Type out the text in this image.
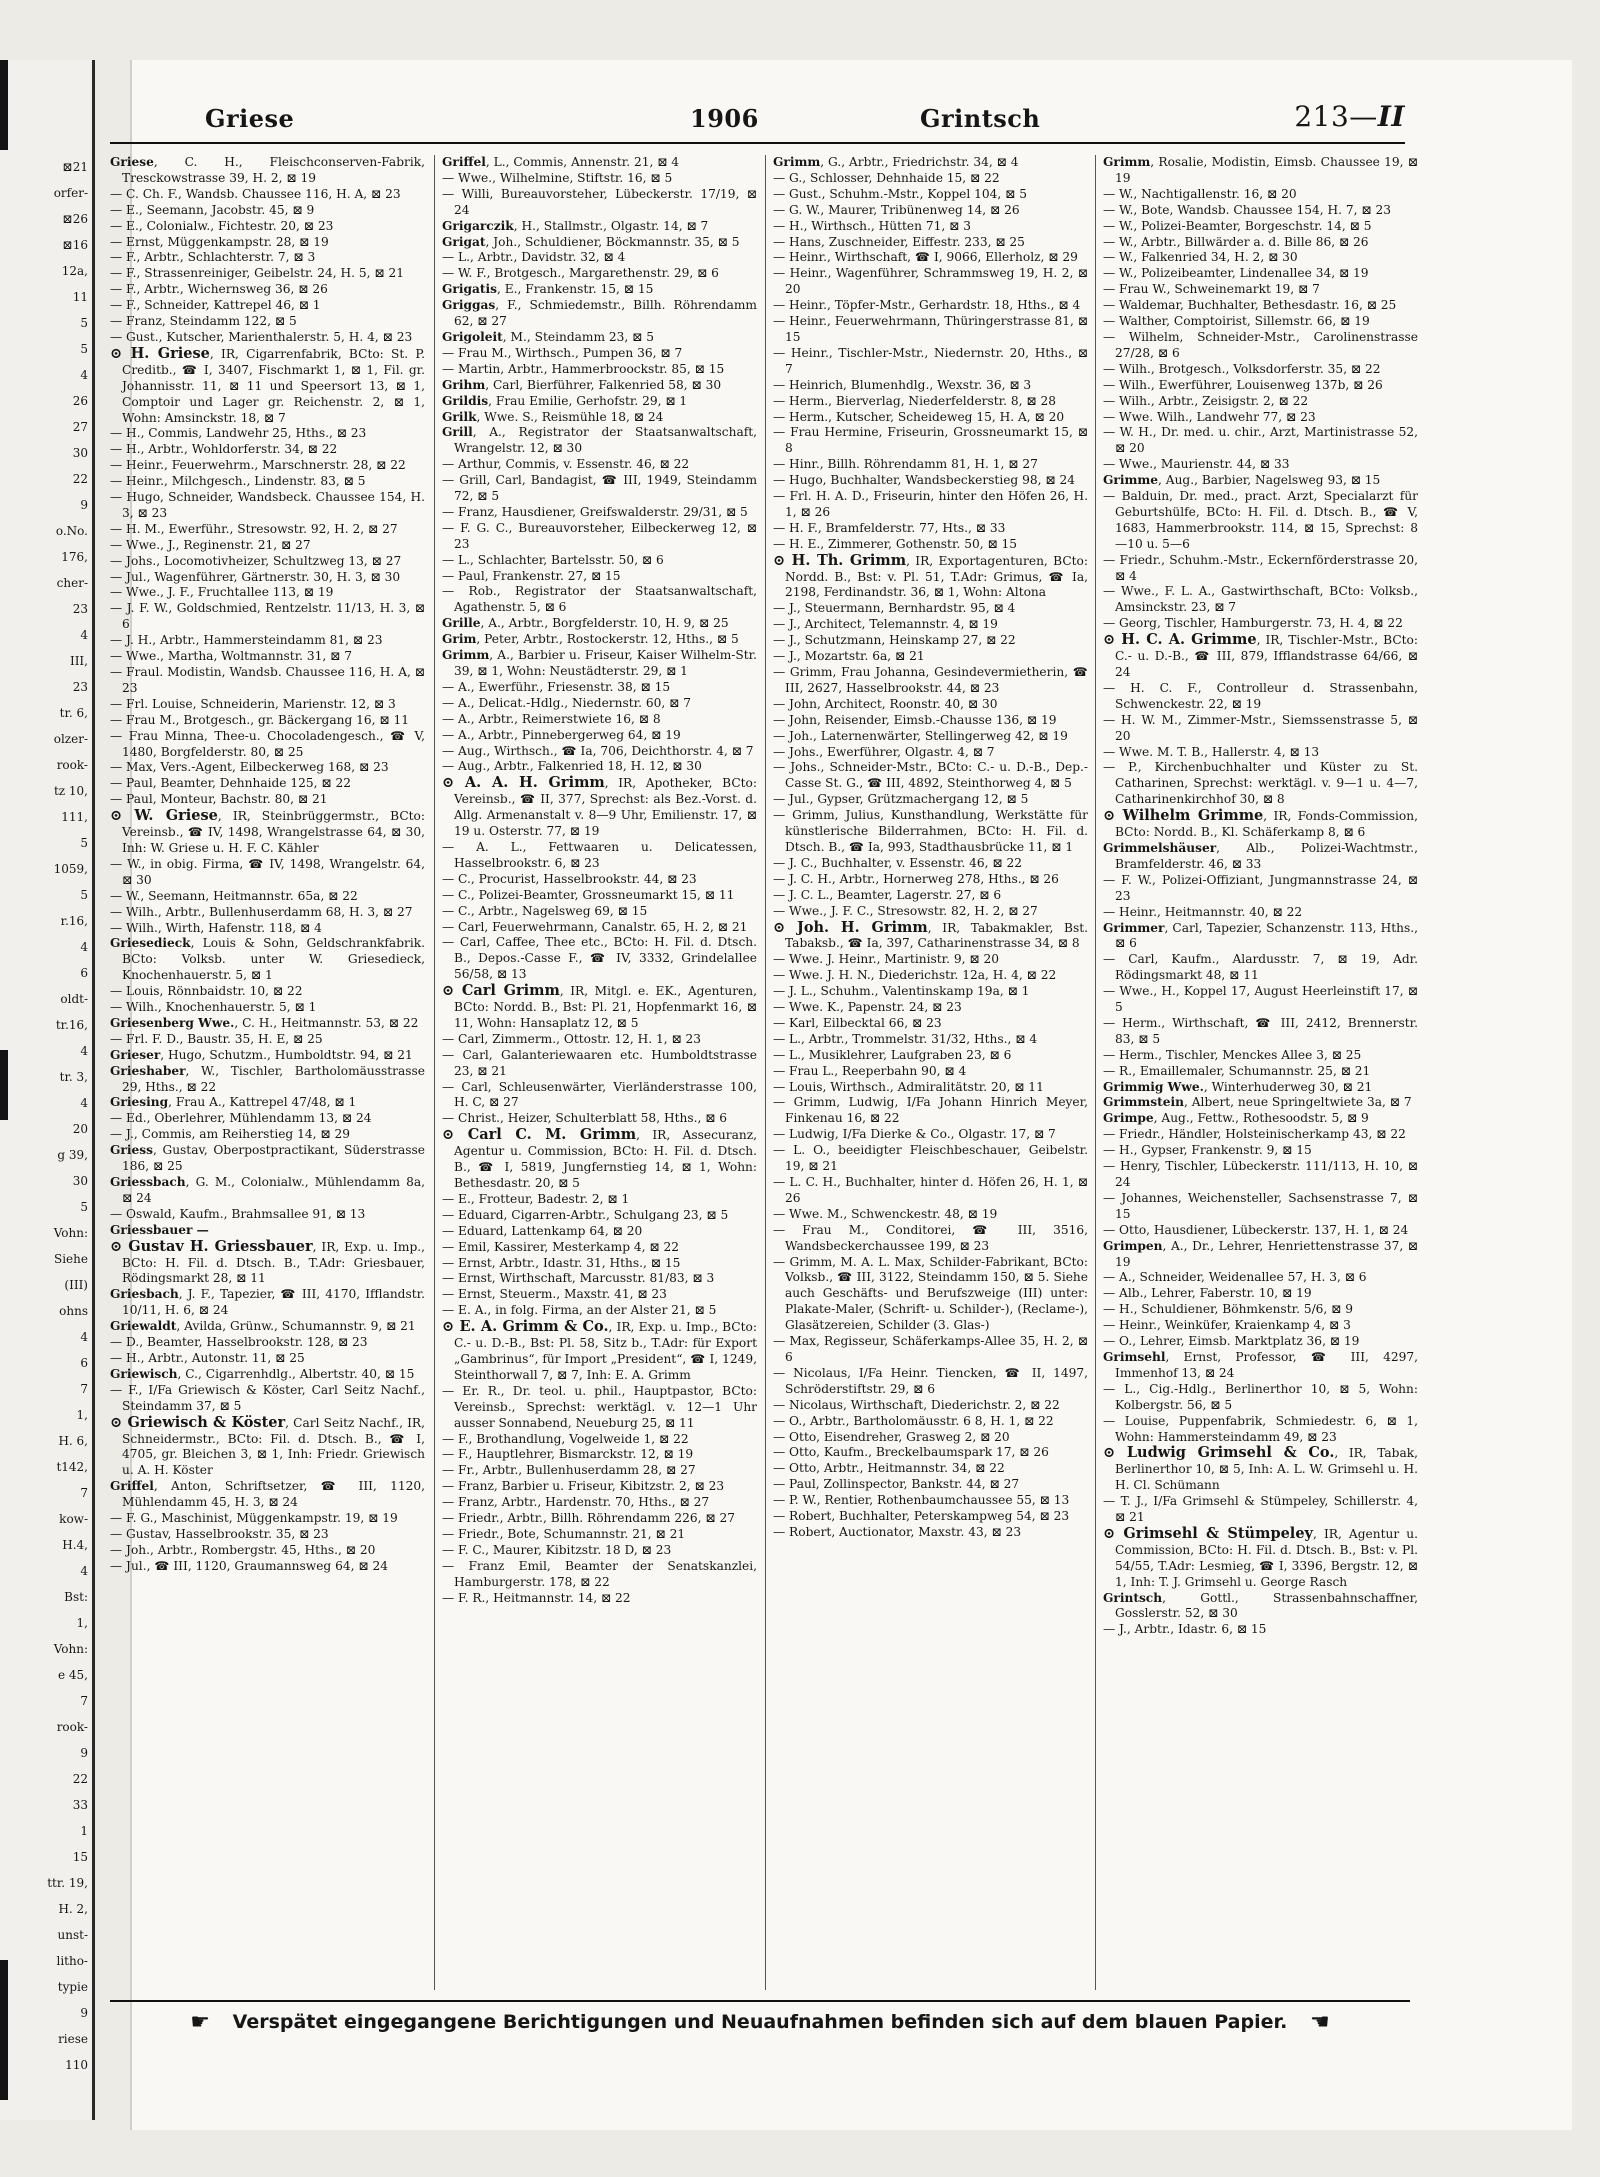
⊠21
orfer-
⊠26
⊠16
12a,
11
5
5
4
26
27
30
22
9
o.No.
176,
cher-
23
4
III,
23
tr. 6,
olzer-
rook-
tz 10,
111,
5
1059,
5
r.16,
4
6
oldt-
tr.16,
4
tr. 3,
4
20
g 39,
30
5
Vohn:
Siehe
(III)
ohns
4
6
7
1,
H. 6,
t142,
7
kow-
H.4,
4
Bst:
1,
Vohn:
e 45,
7
rook-
9
22
33
1
15
ttr. 19,
H. 2,
unst-
litho-
typie
9
riese
110
Griese	1906	Grintsch	213—II

Griese, C. H., Fleischconserven-Fabrik, Tresckowstrasse 39, H. 2, ⊠ 19

— C. Ch. F., Wandsb. Chaussee 116, H. A, ⊠ 23

— E., Seemann, Jacobstr. 45, ⊠ 9

— E., Colonialw., Fichtestr. 20, ⊠ 23

— Ernst, Müggenkampstr. 28, ⊠ 19

— F., Arbtr., Schlachterstr. 7, ⊠ 3

— F., Strassenreiniger, Geibelstr. 24, H. 5, ⊠ 21

— F., Arbtr., Wichernsweg 36, ⊠ 26

— F., Schneider, Kattrepel 46, ⊠ 1

— Franz, Steindamm 122, ⊠ 5

— Gust., Kutscher, Marienthalerstr. 5, H. 4, ⊠ 23

⊙ H. Griese, IR, Cigarrenfabrik, BCto: St. P. Creditb., ☎ I, 3407, Fischmarkt 1, ⊠ 1, Fil. gr. Johannisstr. 11, ⊠ 11 und Speersort 13, ⊠ 1, Comptoir und Lager gr. Reichenstr. 2, ⊠ 1, Wohn: Amsinckstr. 18, ⊠ 7

— H., Commis, Landwehr 25, Hths., ⊠ 23

— H., Arbtr., Wohldorferstr. 34, ⊠ 22

— Heinr., Feuerwehrm., Marschnerstr. 28, ⊠ 22

— Heinr., Milchgesch., Lindenstr. 83, ⊠ 5

— Hugo, Schneider, Wandsbeck. Chaussee 154, H. 3, ⊠ 23

— H. M., Ewerführ., Stresowstr. 92, H. 2, ⊠ 27

— Wwe., J., Reginenstr. 21, ⊠ 27

— Johs., Locomotivheizer, Schultzweg 13, ⊠ 27

— Jul., Wagenführer, Gärtnerstr. 30, H. 3, ⊠ 30

— Wwe., J. F., Fruchtallee 113, ⊠ 19

— J. F. W., Goldschmied, Rentzelstr. 11/13, H. 3, ⊠ 6

— J. H., Arbtr., Hammersteindamm 81, ⊠ 23

— Wwe., Martha, Woltmannstr. 31, ⊠ 7

— Fraul. Modistin, Wandsb. Chaussee 116, H. A, ⊠ 23

— Frl. Louise, Schneiderin, Marienstr. 12, ⊠ 3

— Frau M., Brotgesch., gr. Bäckergang 16, ⊠ 11

— Frau Minna, Thee-u. Chocoladengesch., ☎ V, 1480, Borgfelderstr. 80, ⊠ 25

— Max, Vers.-Agent, Eilbeckerweg 168, ⊠ 23

— Paul, Beamter, Dehnhaide 125, ⊠ 22

— Paul, Monteur, Bachstr. 80, ⊠ 21

⊙ W. Griese, IR, Steinbrüggermstr., BCto: Vereinsb., ☎ IV, 1498, Wrangelstrasse 64, ⊠ 30, Inh: W. Griese u. H. F. C. Kähler

— W., in obig. Firma, ☎ IV, 1498, Wrangelstr. 64, ⊠ 30

— W., Seemann, Heitmannstr. 65a, ⊠ 22

— Wilh., Arbtr., Bullenhuserdamm 68, H. 3, ⊠ 27

— Wilh., Wirth, Hafenstr. 118, ⊠ 4

Griesedieck, Louis & Sohn, Geldschrankfabrik. BCto: Volksb. unter W. Griesedieck, Knochenhauerstr. 5, ⊠ 1

— Louis, Rönnbaidstr. 10, ⊠ 22

— Wilh., Knochenhauerstr. 5, ⊠ 1

Griesenberg Wwe., C. H., Heitmannstr. 53, ⊠ 22

— Frl. F. D., Baustr. 35, H. E, ⊠ 25

Grieser, Hugo, Schutzm., Humboldtstr. 94, ⊠ 21

Grieshaber, W., Tischler, Bartholomäusstrasse 29, Hths., ⊠ 22

Griesing, Frau A., Kattrepel 47/48, ⊠ 1

— Ed., Oberlehrer, Mühlendamm 13, ⊠ 24

— J., Commis, am Reiherstieg 14, ⊠ 29

Griess, Gustav, Oberpostpractikant, Süderstrasse 186, ⊠ 25

Griessbach, G. M., Colonialw., Mühlendamm 8a, ⊠ 24

— Oswald, Kaufm., Brahmsallee 91, ⊠ 13

Griessbauer —

⊙ Gustav H. Griessbauer, IR, Exp. u. Imp., BCto: H. Fil. d. Dtsch. B., T.Adr: Griesbauer, Rödingsmarkt 28, ⊠ 11

Griesbach, J. F., Tapezier, ☎ III, 4170, Ifflandstr. 10/11, H. 6, ⊠ 24

Griewaldt, Avilda, Grünw., Schumannstr. 9, ⊠ 21

— D., Beamter, Hasselbrookstr. 128, ⊠ 23

— H., Arbtr., Autonstr. 11, ⊠ 25

Griewisch, C., Cigarrenhdlg., Albertstr. 40, ⊠ 15

— F., I/Fa Griewisch & Köster, Carl Seitz Nachf., Steindamm 37, ⊠ 5

⊙ Griewisch & Köster, Carl Seitz Nachf., IR, Schneidermstr., BCto: Fil. d. Dtsch. B., ☎ I, 4705, gr. Bleichen 3, ⊠ 1, Inh: Friedr. Griewisch u. A. H. Köster

Griffel, Anton, Schriftsetzer, ☎ III, 1120, Mühlendamm 45, H. 3, ⊠ 24

— F. G., Maschinist, Müggenkampstr. 19, ⊠ 19

— Gustav, Hasselbrookstr. 35, ⊠ 23

— Joh., Arbtr., Rombergstr. 45, Hths., ⊠ 20

— Jul., ☎ III, 1120, Graumannsweg 64, ⊠ 24

Griffel, L., Commis, Annenstr. 21, ⊠ 4

— Wwe., Wilhelmine, Stiftstr. 16, ⊠ 5

— Willi, Bureauvorsteher, Lübeckerstr. 17/19, ⊠ 24

Grigarczik, H., Stallmstr., Olgastr. 14, ⊠ 7

Grigat, Joh., Schuldiener, Böckmannstr. 35, ⊠ 5

— L., Arbtr., Davidstr. 32, ⊠ 4

— W. F., Brotgesch., Margarethenstr. 29, ⊠ 6

Grigatis, E., Frankenstr. 15, ⊠ 15

Griggas, F., Schmiedemstr., Billh. Röhrendamm 62, ⊠ 27

Grigoleit, M., Steindamm 23, ⊠ 5

— Frau M., Wirthsch., Pumpen 36, ⊠ 7

— Martin, Arbtr., Hammerbroockstr. 85, ⊠ 15

Grihm, Carl, Bierführer, Falkenried 58, ⊠ 30

Grildis, Frau Emilie, Gerhofstr. 29, ⊠ 1

Grilk, Wwe. S., Reismühle 18, ⊠ 24

Grill, A., Registrator der Staatsanwaltschaft, Wrangelstr. 12, ⊠ 30

— Arthur, Commis, v. Essenstr. 46, ⊠ 22

— Grill, Carl, Bandagist, ☎ III, 1949, Steindamm 72, ⊠ 5

— Franz, Hausdiener, Greifswalderstr. 29/31, ⊠ 5

— F. G. C., Bureauvorsteher, Eilbeckerweg 12, ⊠ 23

— L., Schlachter, Bartelsstr. 50, ⊠ 6

— Paul, Frankenstr. 27, ⊠ 15

— Rob., Registrator der Staatsanwaltschaft, Agathenstr. 5, ⊠ 6

Grille, A., Arbtr., Borgfelderstr. 10, H. 9, ⊠ 25

Grim, Peter, Arbtr., Rostockerstr. 12, Hths., ⊠ 5

Grimm, A., Barbier u. Friseur, Kaiser Wilhelm-Str. 39, ⊠ 1, Wohn: Neustädterstr. 29, ⊠ 1

— A., Ewerführ., Friesenstr. 38, ⊠ 15

— A., Delicat.-Hdlg., Niedernstr. 60, ⊠ 7

— A., Arbtr., Reimerstwiete 16, ⊠ 8

— A., Arbtr., Pinnebergerweg 64, ⊠ 19

— Aug., Wirthsch., ☎ Ia, 706, Deichthorstr. 4, ⊠ 7

— Aug., Arbtr., Falkenried 18, H. 12, ⊠ 30

⊙ A. A. H. Grimm, IR, Apotheker, BCto: Vereinsb., ☎ II, 377, Sprechst: als Bez.-Vorst. d. Allg. Armenanstalt v. 8—9 Uhr, Emilienstr. 17, ⊠ 19 u. Osterstr. 77, ⊠ 19

— A. L., Fettwaaren u. Delicatessen, Hasselbrookstr. 6, ⊠ 23

— C., Procurist, Hasselbrookstr. 44, ⊠ 23

— C., Polizei-Beamter, Grossneumarkt 15, ⊠ 11

— C., Arbtr., Nagelsweg 69, ⊠ 15

— Carl, Feuerwehrmann, Canalstr. 65, H. 2, ⊠ 21

— Carl, Caffee, Thee etc., BCto: H. Fil. d. Dtsch. B., Depos.-Casse F., ☎ IV, 3332, Grindelallee 56/58, ⊠ 13

⊙ Carl Grimm, IR, Mitgl. e. EK., Agenturen, BCto: Nordd. B., Bst: Pl. 21, Hopfenmarkt 16, ⊠ 11, Wohn: Hansaplatz 12, ⊠ 5

— Carl, Zimmerm., Ottostr. 12, H. 1, ⊠ 23

— Carl, Galanteriewaaren etc. Humboldtstrasse 23, ⊠ 21

— Carl, Schleusenwärter, Vierländerstrasse 100, H. C, ⊠ 27

— Christ., Heizer, Schulterblatt 58, Hths., ⊠ 6

⊙ Carl C. M. Grimm, IR, Assecuranz, Agentur u. Commission, BCto: H. Fil. d. Dtsch. B., ☎ I, 5819, Jungfernstieg 14, ⊠ 1, Wohn: Bethesdastr. 20, ⊠ 5

— E., Frotteur, Badestr. 2, ⊠ 1

— Eduard, Cigarren-Arbtr., Schulgang 23, ⊠ 5

— Eduard, Lattenkamp 64, ⊠ 20

— Emil, Kassirer, Mesterkamp 4, ⊠ 22

— Ernst, Arbtr., Idastr. 31, Hths., ⊠ 15

— Ernst, Wirthschaft, Marcusstr. 81/83, ⊠ 3

— Ernst, Steuerm., Maxstr. 41, ⊠ 23

— E. A., in folg. Firma, an der Alster 21, ⊠ 5

⊙ E. A. Grimm & Co., IR, Exp. u. Imp., BCto: C.- u. D.-B., Bst: Pl. 58, Sitz b., T.Adr: für Export „Gambrinus“, für Import „President“, ☎ I, 1249, Steinthorwall 7, ⊠ 7, Inh: E. A. Grimm

— Er. R., Dr. teol. u. phil., Hauptpastor, BCto: Vereinsb., Sprechst: werktägl. v. 12—1 Uhr ausser Sonnabend, Neueburg 25, ⊠ 11

— F., Brothandlung, Vogelweide 1, ⊠ 22

— F., Hauptlehrer, Bismarckstr. 12, ⊠ 19

— Fr., Arbtr., Bullenhuserdamm 28, ⊠ 27

— Franz, Barbier u. Friseur, Kibitzstr. 2, ⊠ 23

— Franz, Arbtr., Hardenstr. 70, Hths., ⊠ 27

— Friedr., Arbtr., Billh. Röhrendamm 226, ⊠ 27

— Friedr., Bote, Schumannstr. 21, ⊠ 21

— F. C., Maurer, Kibitzstr. 18 D, ⊠ 23

— Franz Emil, Beamter der Senatskanzlei, Hamburgerstr. 178, ⊠ 22

— F. R., Heitmannstr. 14, ⊠ 22

Grimm, G., Arbtr., Friedrichstr. 34, ⊠ 4

— G., Schlosser, Dehnhaide 15, ⊠ 22

— Gust., Schuhm.-Mstr., Koppel 104, ⊠ 5

— G. W., Maurer, Tribünenweg 14, ⊠ 26

— H., Wirthsch., Hütten 71, ⊠ 3

— Hans, Zuschneider, Eiffestr. 233, ⊠ 25

— Heinr., Wirthschaft, ☎ I, 9066, Ellerholz, ⊠ 29

— Heinr., Wagenführer, Schrammsweg 19, H. 2, ⊠ 20

— Heinr., Töpfer-Mstr., Gerhardstr. 18, Hths., ⊠ 4

— Heinr., Feuerwehrmann, Thüringerstrasse 81, ⊠ 15

— Heinr., Tischler-Mstr., Niedernstr. 20, Hths., ⊠ 7

— Heinrich, Blumenhdlg., Wexstr. 36, ⊠ 3

— Herm., Bierverlag, Niederfelderstr. 8, ⊠ 28

— Herm., Kutscher, Scheideweg 15, H. A, ⊠ 20

— Frau Hermine, Friseurin, Grossneumarkt 15, ⊠ 8

— Hinr., Billh. Röhrendamm 81, H. 1, ⊠ 27

— Hugo, Buchhalter, Wandsbeckerstieg 98, ⊠ 24

— Frl. H. A. D., Friseurin, hinter den Höfen 26, H. 1, ⊠ 26

— H. F., Bramfelderstr. 77, Hts., ⊠ 33

— H. E., Zimmerer, Gothenstr. 50, ⊠ 15

⊙ H. Th. Grimm, IR, Exportagenturen, BCto: Nordd. B., Bst: v. Pl. 51, T.Adr: Grimus, ☎ Ia, 2198, Ferdinandstr. 36, ⊠ 1, Wohn: Altona

— J., Steuermann, Bernhardstr. 95, ⊠ 4

— J., Architect, Telemannstr. 4, ⊠ 19

— J., Schutzmann, Heinskamp 27, ⊠ 22

— J., Mozartstr. 6a, ⊠ 21

— Grimm, Frau Johanna, Gesindevermietherin, ☎ III, 2627, Hasselbrookstr. 44, ⊠ 23

— John, Architect, Roonstr. 40, ⊠ 30

— John, Reisender, Eimsb.-Chausse 136, ⊠ 19

— Joh., Laternenwärter, Stellingerweg 42, ⊠ 19

— Johs., Ewerführer, Olgastr. 4, ⊠ 7

— Johs., Schneider-Mstr., BCto: C.- u. D.-B., Dep.-Casse St. G., ☎ III, 4892, Steinthorweg 4, ⊠ 5

— Jul., Gypser, Grützmachergang 12, ⊠ 5

— Grimm, Julius, Kunsthandlung, Werkstätte für künstlerische Bilderrahmen, BCto: H. Fil. d. Dtsch. B., ☎ Ia, 993, Stadthausbrücke 11, ⊠ 1

— J. C., Buchhalter, v. Essenstr. 46, ⊠ 22

— J. C. H., Arbtr., Hornerweg 278, Hths., ⊠ 26

— J. C. L., Beamter, Lagerstr. 27, ⊠ 6

— Wwe., J. F. C., Stresowstr. 82, H. 2, ⊠ 27

⊙ Joh. H. Grimm, IR, Tabakmakler, Bst. Tabaksb., ☎ Ia, 397, Catharinenstrasse 34, ⊠ 8

— Wwe. J. Heinr., Martinistr. 9, ⊠ 20

— Wwe. J. H. N., Diederichstr. 12a, H. 4, ⊠ 22

— J. L., Schuhm., Valentinskamp 19a, ⊠ 1

— Wwe. K., Papenstr. 24, ⊠ 23

— Karl, Eilbecktal 66, ⊠ 23

— L., Arbtr., Trommelstr. 31/32, Hths., ⊠ 4

— L., Musiklehrer, Laufgraben 23, ⊠ 6

— Frau L., Reeperbahn 90, ⊠ 4

— Louis, Wirthsch., Admiralitätstr. 20, ⊠ 11

— Grimm, Ludwig, I/Fa Johann Hinrich Meyer, Finkenau 16, ⊠ 22

— Ludwig, I/Fa Dierke & Co., Olgastr. 17, ⊠ 7

— L. O., beeidigter Fleischbeschauer, Geibelstr. 19, ⊠ 21

— L. C. H., Buchhalter, hinter d. Höfen 26, H. 1, ⊠ 26

— Wwe. M., Schwenckestr. 48, ⊠ 19

— Frau M., Conditorei, ☎ III, 3516, Wandsbeckerchaussee 199, ⊠ 23

— Grimm, M. A. L. Max, Schilder-Fabrikant, BCto: Volksb., ☎ III, 3122, Steindamm 150, ⊠ 5. Siehe auch Geschäfts- und Berufszweige (III) unter: Plakate-Maler, (Schrift- u. Schilder-), (Reclame-), Glasätzereien, Schilder (3. Glas-)

— Max, Regisseur, Schäferkamps-Allee 35, H. 2, ⊠ 6

— Nicolaus, I/Fa Heinr. Tiencken, ☎ II, 1497, Schröderstiftstr. 29, ⊠ 6

— Nicolaus, Wirthschaft, Diederichstr. 2, ⊠ 22

— O., Arbtr., Bartholomäusstr. 6 8, H. 1, ⊠ 22

— Otto, Eisendreher, Grasweg 2, ⊠ 20

— Otto, Kaufm., Breckelbaumspark 17, ⊠ 26

— Otto, Arbtr., Heitmannstr. 34, ⊠ 22

— Paul, Zollinspector, Bankstr. 44, ⊠ 27

— P. W., Rentier, Rothenbaumchaussee 55, ⊠ 13

— Robert, Buchhalter, Peterskampweg 54, ⊠ 23

— Robert, Auctionator, Maxstr. 43, ⊠ 23

Grimm, Rosalie, Modistin, Eimsb. Chaussee 19, ⊠ 19

— W., Nachtigallenstr. 16, ⊠ 20

— W., Bote, Wandsb. Chaussee 154, H. 7, ⊠ 23

— W., Polizei-Beamter, Borgeschstr. 14, ⊠ 5

— W., Arbtr., Billwärder a. d. Bille 86, ⊠ 26

— W., Falkenried 34, H. 2, ⊠ 30

— W., Polizeibeamter, Lindenallee 34, ⊠ 19

— Frau W., Schweinemarkt 19, ⊠ 7

— Waldemar, Buchhalter, Bethesdastr. 16, ⊠ 25

— Walther, Comptoirist, Sillemstr. 66, ⊠ 19

— Wilhelm, Schneider-Mstr., Carolinenstrasse 27/28, ⊠ 6

— Wilh., Brotgesch., Volksdorferstr. 35, ⊠ 22

— Wilh., Ewerführer, Louisenweg 137b, ⊠ 26

— Wilh., Arbtr., Zeisigstr. 2, ⊠ 22

— Wwe. Wilh., Landwehr 77, ⊠ 23

— W. H., Dr. med. u. chir., Arzt, Martinistrasse 52, ⊠ 20

— Wwe., Maurienstr. 44, ⊠ 33

Grimme, Aug., Barbier, Nagelsweg 93, ⊠ 15

— Balduin, Dr. med., pract. Arzt, Specialarzt für Geburtshülfe, BCto: H. Fil. d. Dtsch. B., ☎ V, 1683, Hammerbrookstr. 114, ⊠ 15, Sprechst: 8—10 u. 5—6

— Friedr., Schuhm.-Mstr., Eckernförderstrasse 20, ⊠ 4

— Wwe., F. L. A., Gastwirthschaft, BCto: Volksb., Amsinckstr. 23, ⊠ 7

— Georg, Tischler, Hamburgerstr. 73, H. 4, ⊠ 22

⊙ H. C. A. Grimme, IR, Tischler-Mstr., BCto: C.- u. D.-B., ☎ III, 879, Ifflandstrasse 64/66, ⊠ 24

— H. C. F., Controlleur d. Strassenbahn, Schwenckestr. 22, ⊠ 19

— H. W. M., Zimmer-Mstr., Siemssenstrasse 5, ⊠ 20

— Wwe. M. T. B., Hallerstr. 4, ⊠ 13

— P., Kirchenbuchhalter und Küster zu St. Catharinen, Sprechst: werktägl. v. 9—1 u. 4—7, Catharinenkirchhof 30, ⊠ 8

⊙ Wilhelm Grimme, IR, Fonds-Commission, BCto: Nordd. B., Kl. Schäferkamp 8, ⊠ 6

Grimmelshäuser, Alb., Polizei-Wachtmstr., Bramfelderstr. 46, ⊠ 33

— F. W., Polizei-Offiziant, Jungmannstrasse 24, ⊠ 23

— Heinr., Heitmannstr. 40, ⊠ 22

Grimmer, Carl, Tapezier, Schanzenstr. 113, Hths., ⊠ 6

— Carl, Kaufm., Alardusstr. 7, ⊠ 19, Adr. Rödingsmarkt 48, ⊠ 11

— Wwe., H., Koppel 17, August Heerleinstift 17, ⊠ 5

— Herm., Wirthschaft, ☎ III, 2412, Brennerstr. 83, ⊠ 5

— Herm., Tischler, Menckes Allee 3, ⊠ 25

— R., Emaillemaler, Schumannstr. 25, ⊠ 21

Grimmig Wwe., Winterhuderweg 30, ⊠ 21

Grimmstein, Albert, neue Springeltwiete 3a, ⊠ 7

Grimpe, Aug., Fettw., Rothesoodstr. 5, ⊠ 9

— Friedr., Händler, Holsteinischerkamp 43, ⊠ 22

— H., Gypser, Frankenstr. 9, ⊠ 15

— Henry, Tischler, Lübeckerstr. 111/113, H. 10, ⊠ 24

— Johannes, Weichensteller, Sachsenstrasse 7, ⊠ 15

— Otto, Hausdiener, Lübeckerstr. 137, H. 1, ⊠ 24

Grimpen, A., Dr., Lehrer, Henriettenstrasse 37, ⊠ 19

— A., Schneider, Weidenallee 57, H. 3, ⊠ 6

— Alb., Lehrer, Faberstr. 10, ⊠ 19

— H., Schuldiener, Böhmkenstr. 5/6, ⊠ 9

— Heinr., Weinküfer, Kraienkamp 4, ⊠ 3

— O., Lehrer, Eimsb. Marktplatz 36, ⊠ 19

Grimsehl, Ernst, Professor, ☎ III, 4297, Immenhof 13, ⊠ 24

— L., Cig.-Hdlg., Berlinerthor 10, ⊠ 5, Wohn: Kolbergstr. 56, ⊠ 5

— Louise, Puppenfabrik, Schmiedestr. 6, ⊠ 1, Wohn: Hammersteindamm 49, ⊠ 23

⊙ Ludwig Grimsehl & Co., IR, Tabak, Berlinerthor 10, ⊠ 5, Inh: A. L. W. Grimsehl u. H. H. Cl. Schümann

— T. J., I/Fa Grimsehl & Stümpeley, Schillerstr. 4, ⊠ 21

⊙ Grimsehl & Stümpeley, IR, Agentur u. Commission, BCto: H. Fil. d. Dtsch. B., Bst: v. Pl. 54/55, T.Adr: Lesmieg, ☎ I, 3396, Bergstr. 12, ⊠ 1, Inh: T. J. Grimsehl u. George Rasch

Grintsch, Gottl., Strassenbahnschaffner, Gosslerstr. 52, ⊠ 30

— J., Arbtr., Idastr. 6, ⊠ 15

☛ Verspätet eingegangene Berichtigungen und Neuaufnahmen befinden sich auf dem blauen Papier. ☚
